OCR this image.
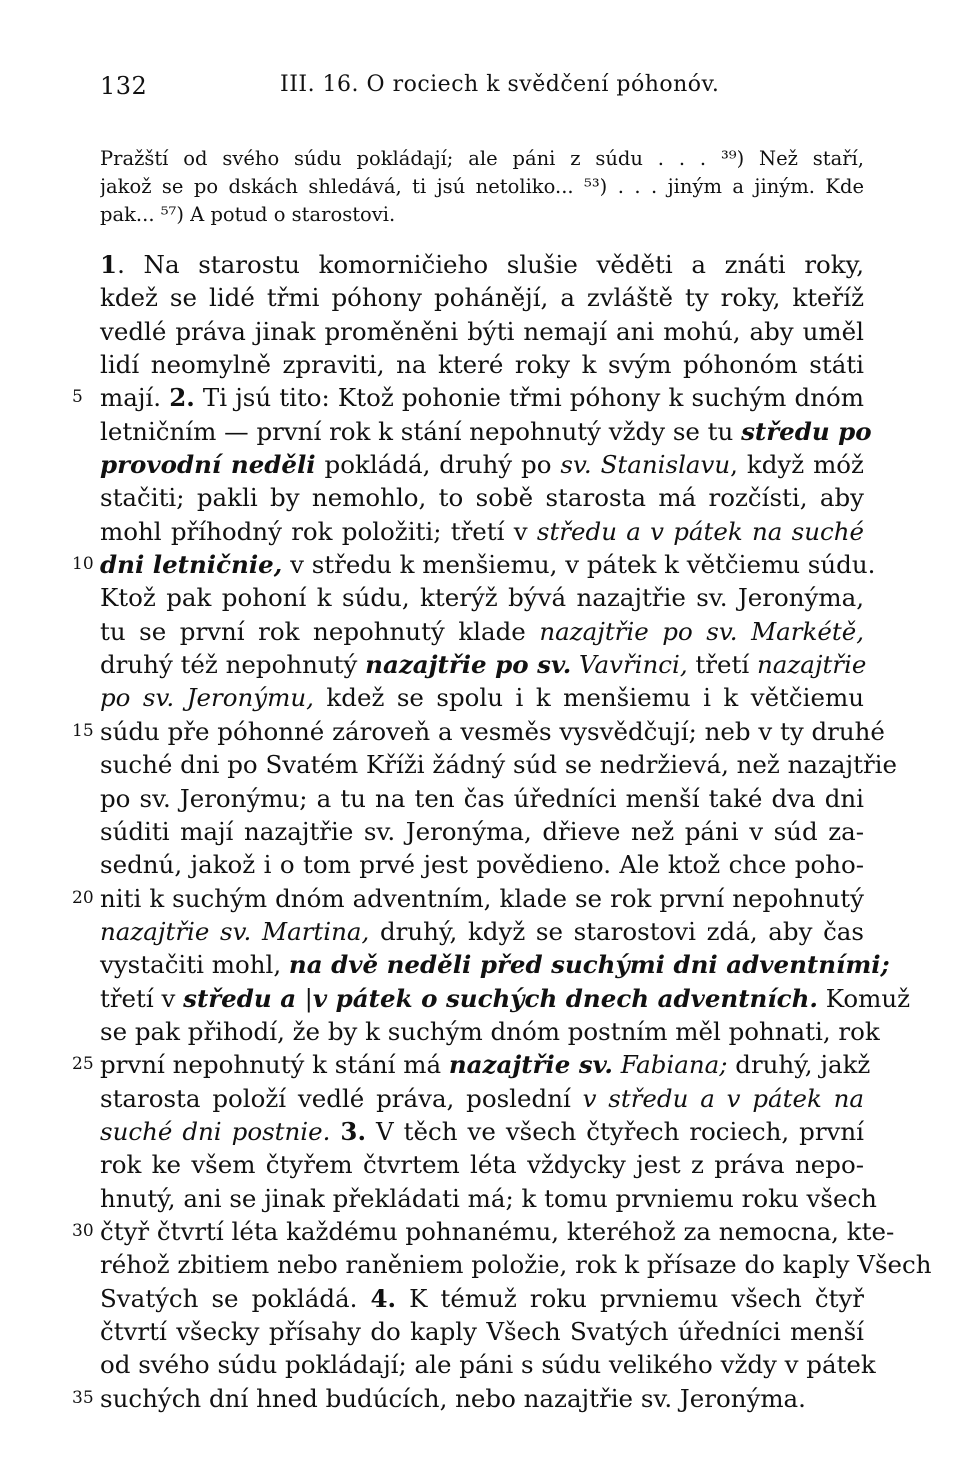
132	III. 16. O rociech k svědčení póhonóv.
Pražští od svého súdu pokládají; ale páni z súdu . . . ³⁹) Než staří,
jakož se po dskách shledává, ti jsú netoliko... ⁵³) . . . jiným a jiným. Kde
pak... ⁵⁷) A potud o starostovi.
1. Na starostu komorničieho slušie věděti a znáti roky,
kdež se lidé třmi póhony pohánějí, a zvláště ty roky, kteříž
vedlé práva jinak proměněni býti nemají ani mohú, aby uměl
lidí neomylně zpraviti, na které roky k svým póhonóm státi
5 mají. 2. Ti jsú tito: Ktož pohonie třmi póhony k suchým dnóm
letničním — první rok k stání nepohnutý vždy se tu středu po
provodní neděli pokládá, druhý po sv. Stanislavu, když móž
stačiti; pakli by nemohlo, to sobě starosta má rozčísti, aby
mohl příhodný rok položiti; třetí v středu a v pátek na suché
10 dni letničnie, v středu k menšiemu, v pátek k větčiemu súdu.
Ktož pak pohoní k súdu, kterýž bývá nazajtřie sv. Jeronýma,
tu se první rok nepohnutý klade nazajtřie po sv. Markétě,
druhý též nepohnutý nazajtřie po sv. Vavřinci, třetí nazajtřie
po sv. Jeronýmu, kdež se spolu i k menšiemu i k větčiemu
15 súdu pře póhonné zároveň a vesměs vysvědčují; neb v ty druhé
suché dni po Svatém Kříži žádný súd se nedržievá, než nazajtřie
po sv. Jeronýmu; a tu na ten čas úředníci menší také dva dni
súditi mají nazajtřie sv. Jeronýma, dřieve než páni v súd za-
sednú, jakož i o tom prvé jest povědieno. Ale ktož chce poho-
20 niti k suchým dnóm adventním, klade se rok první nepohnutý
nazajtřie sv. Martina, druhý, když se starostovi zdá, aby čas
vystačiti mohl, na dvě neděli před suchými dni adventními;
třetí v středu a |v pátek o suchých dnech adventních. Komuž
se pak přihodí, že by k suchým dnóm postním měl pohnati, rok
25 první nepohnutý k stání má nazajtřie sv. Fabiana; druhý, jakž
starosta položí vedlé práva, poslední v středu a v pátek na
suché dni postnie. 3. V těch ve všech čtyřech rociech, první
rok ke všem čtyřem čtvrtem léta vždycky jest z práva nepo-
hnutý, ani se jinak překládati má; k tomu prvniemu roku všech
30 čtyř čtvrtí léta každému pohnanému, kteréhož za nemocna, kte-
réhož zbitiem nebo raněniem položie, rok k přísaze do kaply Všech
Svatých se pokládá. 4. K témuž roku prvniemu všech čtyř
čtvrtí všecky přísahy do kaply Všech Svatých úředníci menší
od svého súdu pokládají; ale páni s súdu velikého vždy v pátek
35 suchých dní hned budúcích, nebo nazajtřie sv. Jeronýma.
